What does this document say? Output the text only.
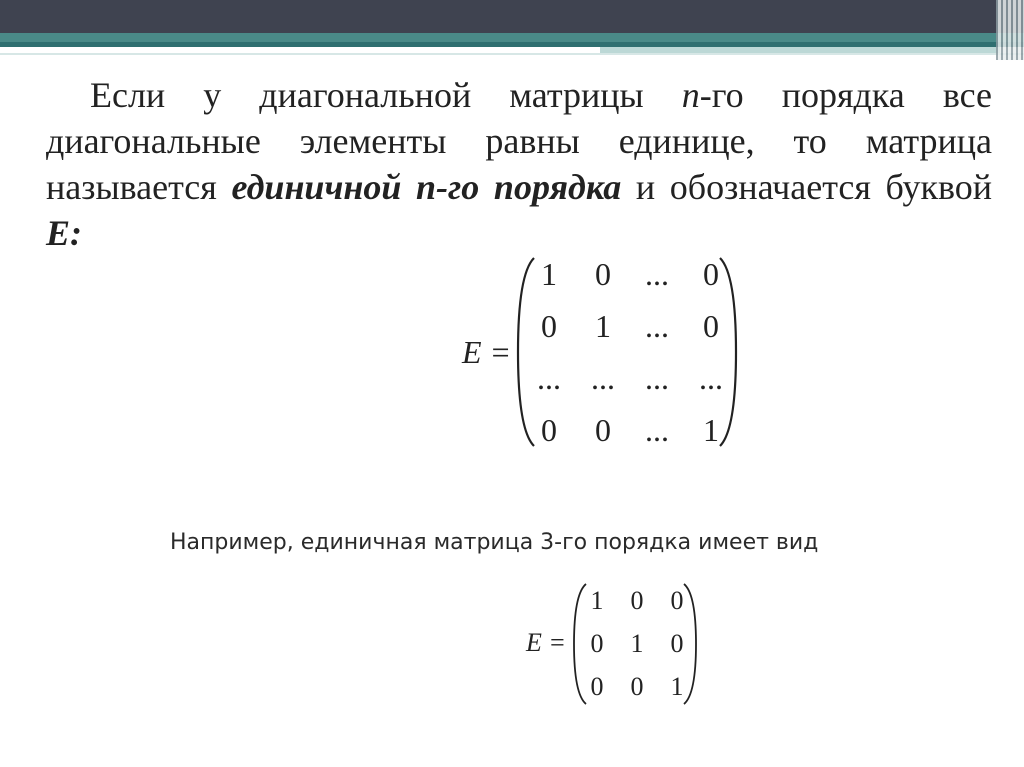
Если у диагональной матрицы n-го порядка все диагональные элементы равны единице, то матрица называется единичной n-го порядка и обозначается буквой E:
E =
1	0	...	0
0	1	...	0
... ... ... ...
0	0	...	1
Например, единичная матрица 3-го порядка имеет вид
E =
1	0	0
0	1	0
0	0	1
